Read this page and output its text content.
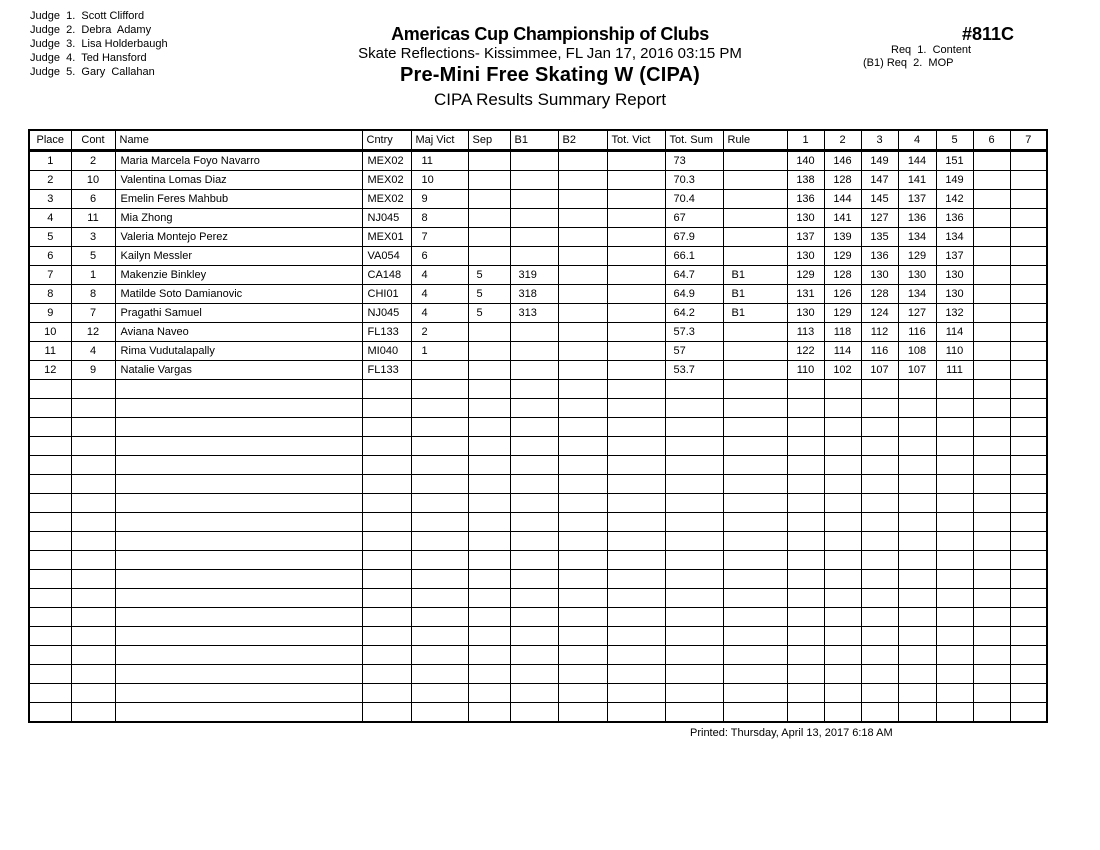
Judge  1. Scott Clifford
Judge  2. Debra  Adamy
Judge  3. Lisa Holderbaugh
Judge  4. Ted Hansford
Judge  5. Gary  Callahan
Americas Cup Championship of Clubs
Skate Reflections- Kissimmee, FL Jan 17, 2016 03:15 PM
Pre-Mini Free Skating W (CIPA)
CIPA Results Summary Report
#811C
Req  1.  Content
(B1) Req  2.  MOP
Place	Cont	Name	Cntry	Maj Vict	Sep	B1	B2	Tot. Vict	Tot. Sum	Rule	1	2	3	4	5	6	7
1	2	Maria Marcela Foyo Navarro	MEX02	11					73		140	146	149	144	151		
2	10	Valentina Lomas Diaz	MEX02	10					70.3		138	128	147	141	149		
3	6	Emelin Feres Mahbub	MEX02	9					70.4		136	144	145	137	142		
4	11	Mia Zhong	NJ045	8					67		130	141	127	136	136		
5	3	Valeria Montejo Perez	MEX01	7					67.9		137	139	135	134	134		
6	5	Kailyn Messler	VA054	6					66.1		130	129	136	129	137		
7	1	Makenzie Binkley	CA148	4	5	319			64.7	B1	129	128	130	130	130		
8	8	Matilde Soto Damianovic	CHI01	4	5	318			64.9	B1	131	126	128	134	130		
9	7	Pragathi Samuel	NJ045	4	5	313			64.2	B1	130	129	124	127	132		
10	12	Aviana Naveo	FL133	2					57.3		113	118	112	116	114		
11	4	Rima Vudutalapally	MI040	1					57		122	114	116	108	110		
12	9	Natalie Vargas	FL133						53.7		110	102	107	107	111		

Printed: Thursday, April 13, 2017 6:18 AM
